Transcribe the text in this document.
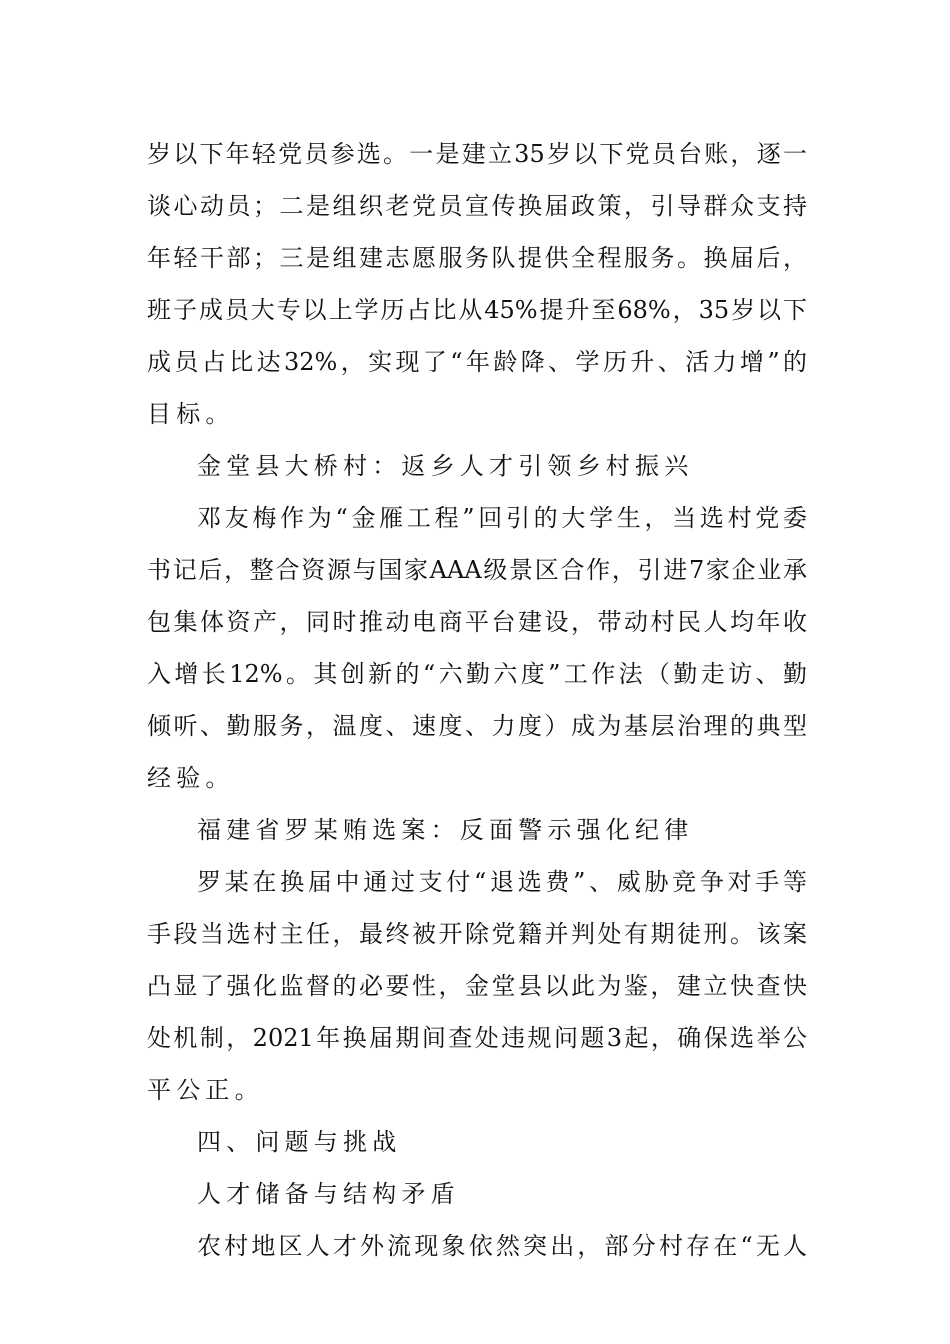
岁以下年轻党员参选。一是建立35岁以下党员台账，逐一
谈心动员；二是组织老党员宣传换届政策，引导群众支持
年轻干部；三是组建志愿服务队提供全程服务。换届后，
班子成员大专以上学历占比从45%提升至68%，35岁以下
成员占比达32%，实现了“年龄降、学历升、活力增”的
目标。
金堂县大桥村：返乡人才引领乡村振兴
邓友梅作为“金雁工程”回引的大学生，当选村党委
书记后，整合资源与国家AAA级景区合作，引进7家企业承
包集体资产，同时推动电商平台建设，带动村民人均年收
入增长12%。其创新的“六勤六度”工作法（勤走访、勤
倾听、勤服务，温度、速度、力度）成为基层治理的典型
经验。
福建省罗某贿选案：反面警示强化纪律
罗某在换届中通过支付“退选费”、威胁竞争对手等
手段当选村主任，最终被开除党籍并判处有期徒刑。该案
凸显了强化监督的必要性，金堂县以此为鉴，建立快查快
处机制，2021年换届期间查处违规问题3起，确保选举公
平公正。
四、问题与挑战
人才储备与结构矛盾
农村地区人才外流现象依然突出，部分村存在“无人
